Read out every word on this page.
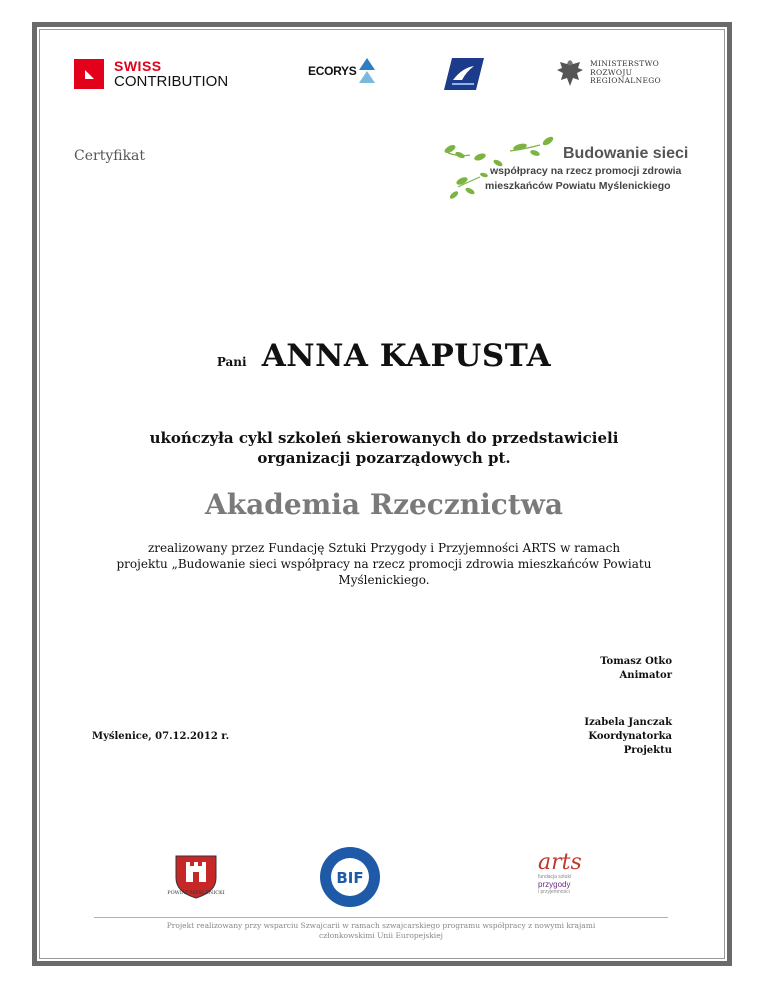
SWISS
CONTRIBUTION
ECORYS
MINISTERSTWO
ROZWOJU
REGIONALNEGO
Certyfikat	Budowanie sieci
współpracy na rzecz promocji zdrowia
mieszkańców Powiatu Myślenickiego
Pani ANNA KAPUSTA
ukończyła cykl szkoleń skierowanych do przedstawicieli
organizacji pozarządowych pt.
Akademia Rzecznictwa
zrealizowany przez Fundację Sztuki Przygody i Przyjemności ARTS w ramach
projektu „Budowanie sieci współpracy na rzecz promocji zdrowia mieszkańców Powiatu
Myślenickiego.
Tomasz Otko
Animator
Izabela Janczak
Koordynatorka
Projektu
Myślenice, 07.12.2012 r.
POWIAT MYŚLENICKI
BIF
arts
fundacja sztuki
przygody
i przyjemności
Projekt realizowany przy wsparciu Szwajcarii w ramach szwajcarskiego programu współpracy z nowymi krajami
członkowskimi Unii Europejskiej
